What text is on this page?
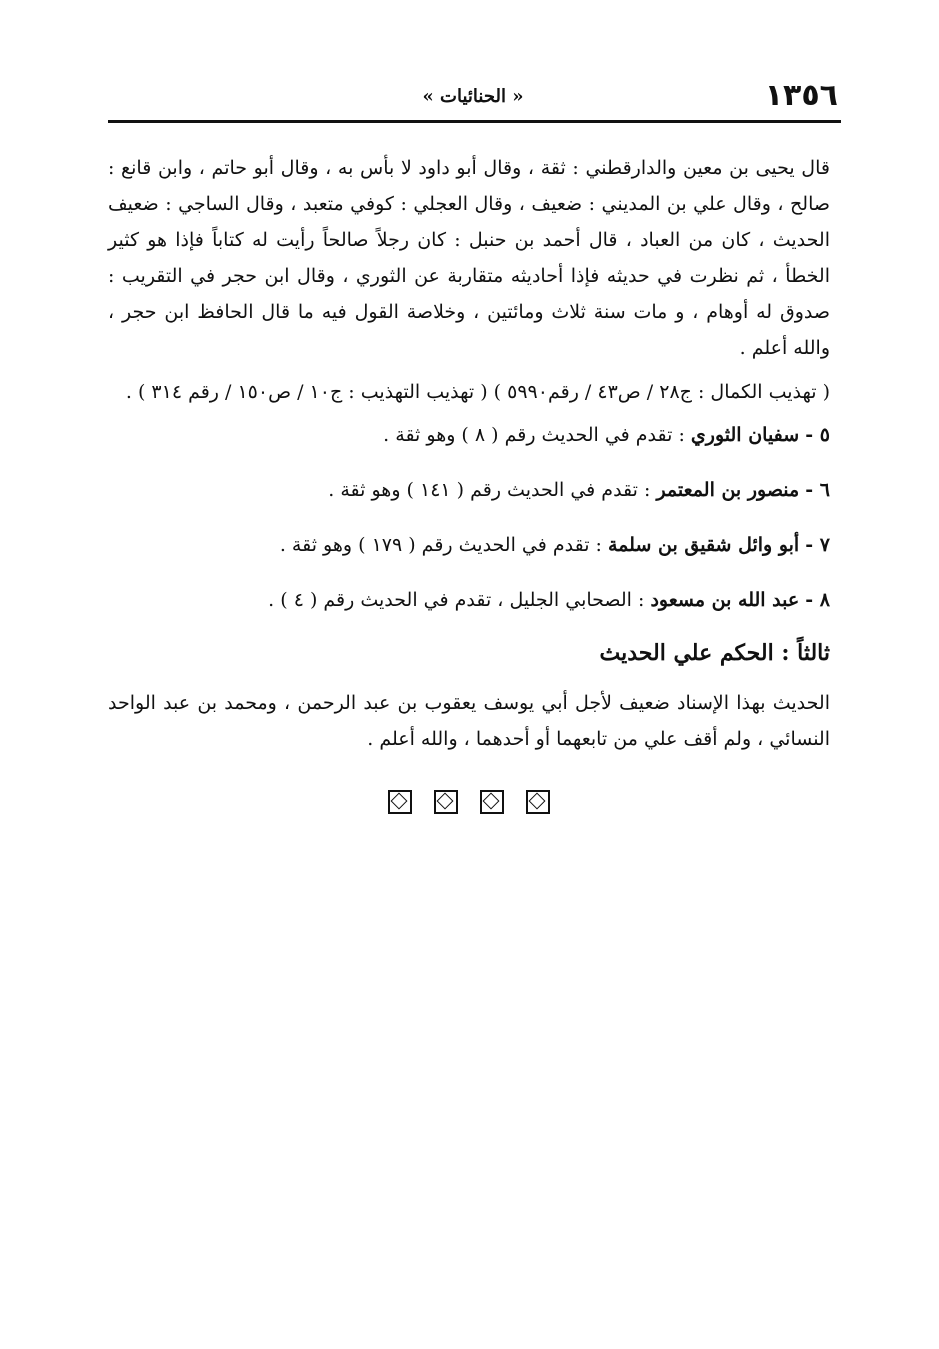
١٣٥٦
« الحنائيات »

قال يحيى بن معين والدارقطني : ثقة ، وقال أبو داود لا بأس به ، وقال أبو حاتم ، وابن قانع : صالح ، وقال علي بن المديني : ضعيف ، وقال العجلي : كوفي متعبد ، وقال الساجي : ضعيف الحديث ، كان من العباد ، قال أحمد بن حنبل : كان رجلاً صالحاً رأيت له كتاباً فإذا هو كثير الخطأ ، ثم نظرت في حديثه فإذا أحاديثه متقاربة عن الثوري ، وقال ابن حجر في التقريب : صدوق له أوهام ، و مات سنة ثلاث ومائتين ، وخلاصة القول فيه ما قال الحافظ ابن حجر ، والله أعلم .

( تهذيب الكمال : ج٢٨ / ص٤٣ / رقم٥٩٩٠ ) ( تهذيب التهذيب : ج١٠ / ص١٥٠ / رقم ٣١٤ ) .

٥ - سفيان الثوري : تقدم في الحديث رقم ( ٨ ) وهو ثقة .

٦ - منصور بن المعتمر : تقدم في الحديث رقم ( ١٤١ ) وهو ثقة .

٧ - أبو وائل شقيق بن سلمة : تقدم في الحديث رقم ( ١٧٩ ) وهو ثقة .

٨ - عبد الله بن مسعود : الصحابي الجليل ، تقدم في الحديث رقم ( ٤ ) .

ثالثاً : الحكم علي الحديث

الحديث بهذا الإسناد ضعيف لأجل أبي يوسف يعقوب بن عبد الرحمن ، ومحمد بن عبد الواحد النسائي ، ولم أقف علي من تابعهما أو أحدهما ، والله أعلم .
